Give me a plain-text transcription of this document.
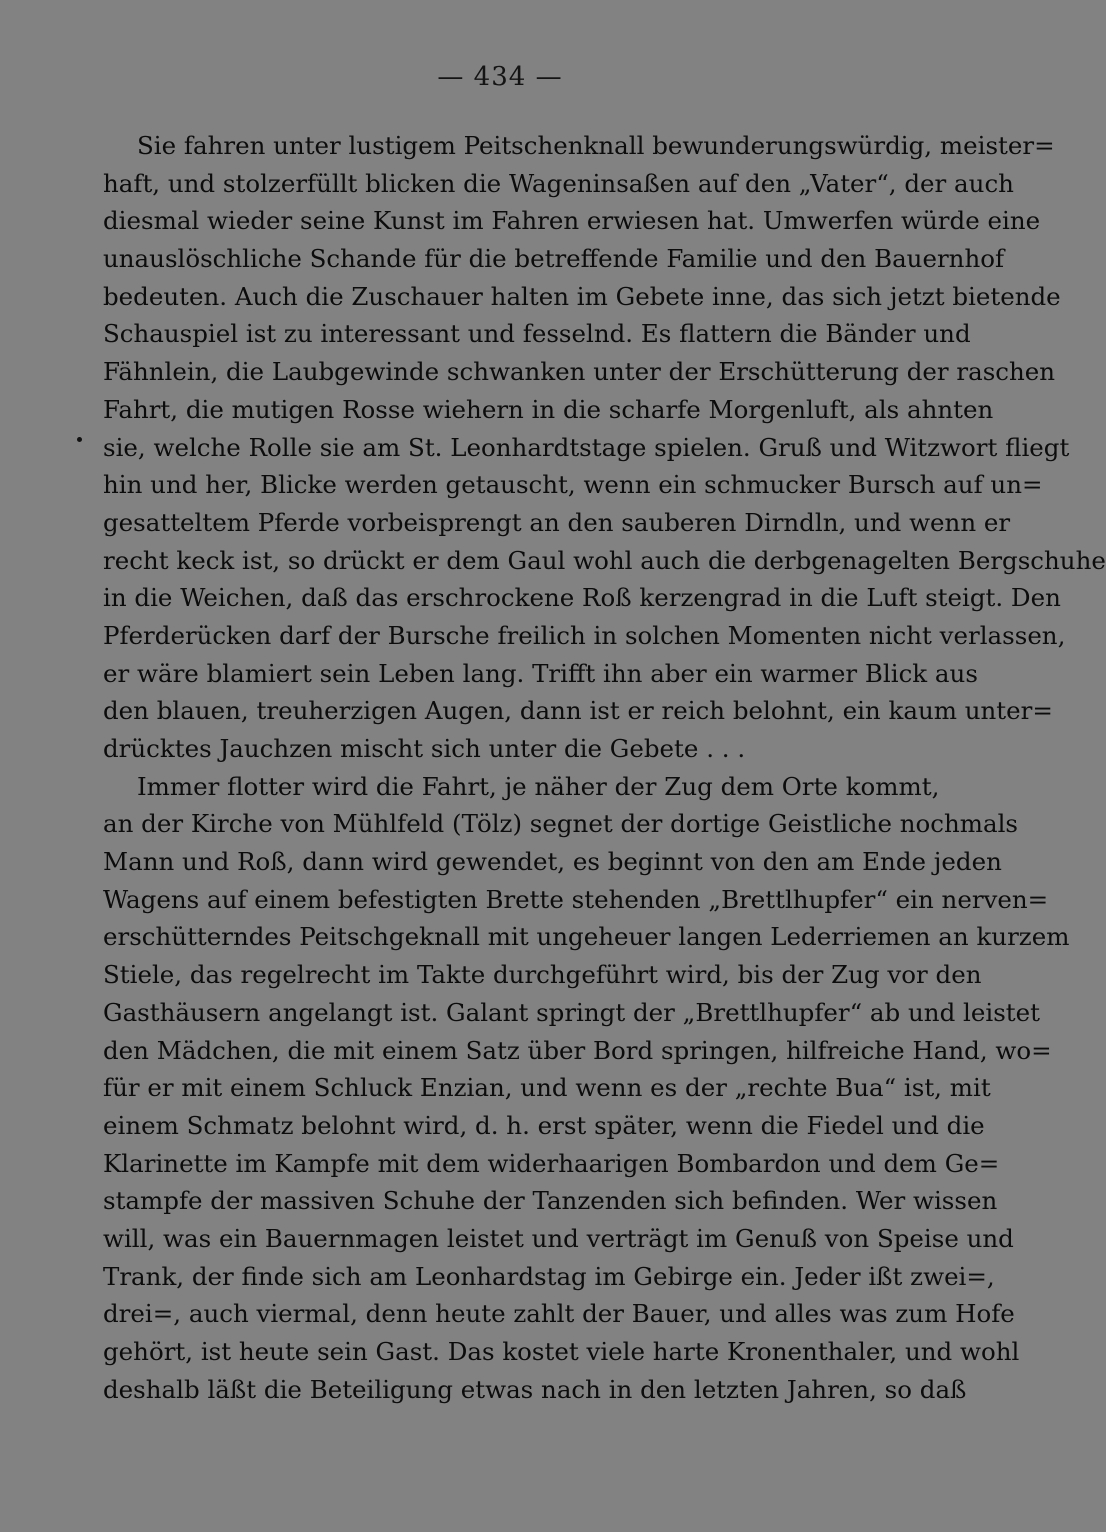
— 434 —
Sie fahren unter lustigem Peitschenknall bewunderungswürdig, meister=
haft, und stolzerfüllt blicken die Wageninsaßen auf den „Vater“, der auch
diesmal wieder seine Kunst im Fahren erwiesen hat. Umwerfen würde eine
unauslöschliche Schande für die betreffende Familie und den Bauernhof
bedeuten. Auch die Zuschauer halten im Gebete inne, das sich jetzt bietende
Schauspiel ist zu interessant und fesselnd. Es flattern die Bänder und
Fähnlein, die Laubgewinde schwanken unter der Erschütterung der raschen
Fahrt, die mutigen Rosse wiehern in die scharfe Morgenluft, als ahnten
sie, welche Rolle sie am St. Leonhardtstage spielen. Gruß und Witzwort fliegt
hin und her, Blicke werden getauscht, wenn ein schmucker Bursch auf un=
gesatteltem Pferde vorbeisprengt an den sauberen Dirndln, und wenn er
recht keck ist, so drückt er dem Gaul wohl auch die derbgenagelten Bergschuhe
in die Weichen, daß das erschrockene Roß kerzengrad in die Luft steigt. Den
Pferderücken darf der Bursche freilich in solchen Momenten nicht verlassen,
er wäre blamiert sein Leben lang. Trifft ihn aber ein warmer Blick aus
den blauen, treuherzigen Augen, dann ist er reich belohnt, ein kaum unter=
drücktes Jauchzen mischt sich unter die Gebete . . .
Immer flotter wird die Fahrt, je näher der Zug dem Orte kommt,
an der Kirche von Mühlfeld (Tölz) segnet der dortige Geistliche nochmals
Mann und Roß, dann wird gewendet, es beginnt von den am Ende jeden
Wagens auf einem befestigten Brette stehenden „Brettlhupfer“ ein nerven=
erschütterndes Peitschgeknall mit ungeheuer langen Lederriemen an kurzem
Stiele, das regelrecht im Takte durchgeführt wird, bis der Zug vor den
Gasthäusern angelangt ist. Galant springt der „Brettlhupfer“ ab und leistet
den Mädchen, die mit einem Satz über Bord springen, hilfreiche Hand, wo=
für er mit einem Schluck Enzian, und wenn es der „rechte Bua“ ist, mit
einem Schmatz belohnt wird, d. h. erst später, wenn die Fiedel und die
Klarinette im Kampfe mit dem widerhaarigen Bombardon und dem Ge=
stampfe der massiven Schuhe der Tanzenden sich befinden. Wer wissen
will, was ein Bauernmagen leistet und verträgt im Genuß von Speise und
Trank, der finde sich am Leonhardstag im Gebirge ein. Jeder ißt zwei=,
drei=, auch viermal, denn heute zahlt der Bauer, und alles was zum Hofe
gehört, ist heute sein Gast. Das kostet viele harte Kronenthaler, und wohl
deshalb läßt die Beteiligung etwas nach in den letzten Jahren, so daß
